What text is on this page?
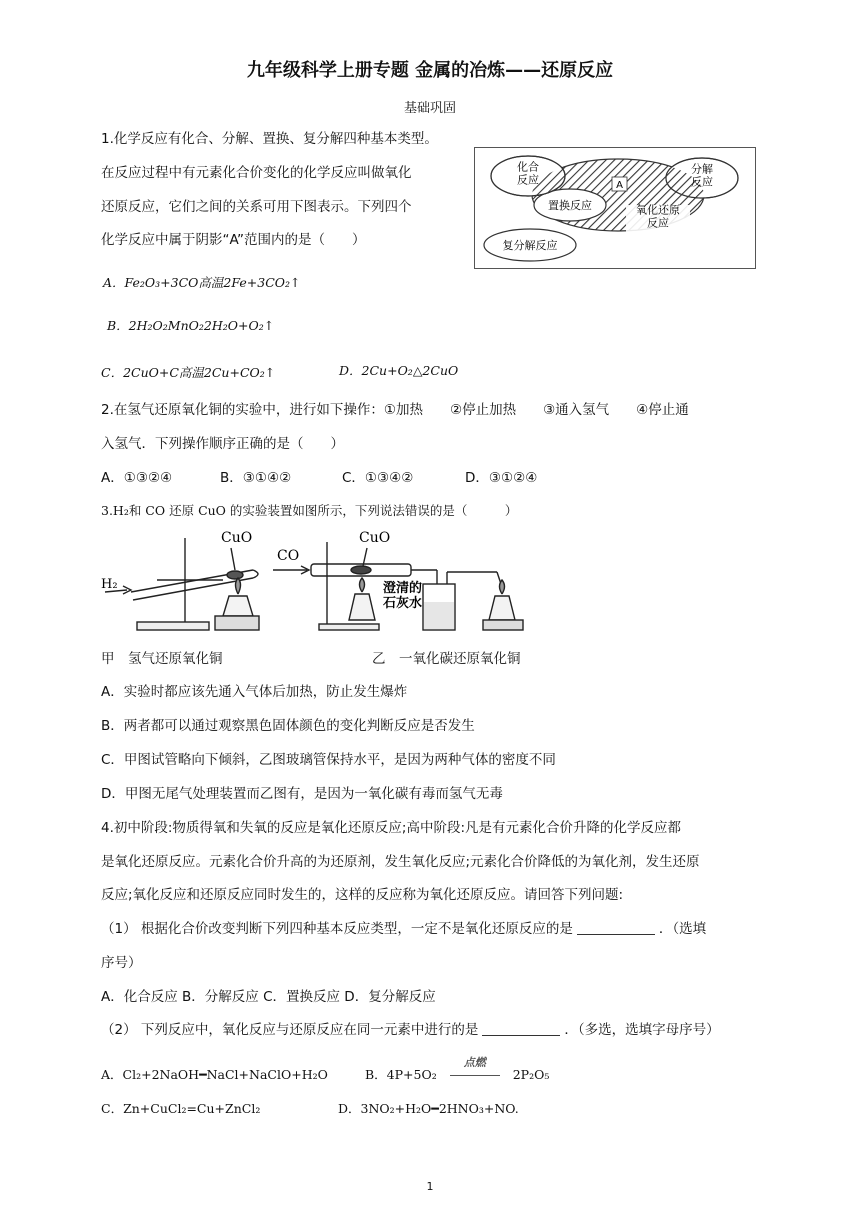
九年级科学上册专题 金属的冶炼——还原反应
基础巩固
1.化学反应有化合、分解、置换、复分解四种基本类型。
在反应过程中有元素化合价变化的化学反应叫做氧化
还原反应，它们之间的关系可用下图表示。下列四个
化学反应中属于阴影“A”范围内的是（　　）
A
化合反应
分解反应
置换反应	氧化还原反应
复分解反应
A．Fe₂O₃+3CO高温2Fe+3CO₂↑
B．2H₂O₂MnO₂2H₂O+O₂↑
C．2CuO+C高温2Cu+CO₂↑	D．2Cu+O₂△2CuO
2.在氢气还原氧化铜的实验中，进行如下操作：①加热　　②停止加热　　③通入氢气　　④停止通
入氢气．下列操作顺序正确的是（　　）
A．①③②④	B．③①④②	C．①③④②	D．③①②④
3.H₂和 CO 还原 CuO 的实验装置如图所示，下列说法错误的是（　　　）
CuO
H₂
CO
CuO
澄清的石灰水
甲　氢气还原氧化铜	乙　一氧化碳还原氧化铜
A．实验时都应该先通入气体后加热，防止发生爆炸
B．两者都可以通过观察黑色固体颜色的变化判断反应是否发生
C．甲图试管略向下倾斜，乙图玻璃管保持水平，是因为两种气体的密度不同
D．甲图无尾气处理装置而乙图有，是因为一氧化碳有毒而氢气无毒
4.初中阶段:物质得氧和失氧的反应是氧化还原反应;高中阶段:凡是有元素化合价升降的化学反应都
是氧化还原反应。元素化合价升高的为还原剂，发生氧化反应;元素化合价降低的为氧化剂，发生还原
反应;氧化反应和还原反应同时发生的，这样的反应称为氧化还原反应。请回答下列问题:
（1） 根据化合价改变判断下列四种基本反应类型，一定不是氧化还原反应的是	．（选填
序号）
A．化合反应 B．分解反应 C．置换反应 D．复分解反应
（2） 下列反应中，氧化反应与还原反应在同一元素中进行的是	．（多选，选填字母序号）
A．Cl₂+2NaOH━NaCl+NaClO+H₂O	B．4P+5O₂
点燃
2P₂O₅
C．Zn+CuCl₂=Cu+ZnCl₂	D．3NO₂+H₂O━2HNO₃+NO.
1
